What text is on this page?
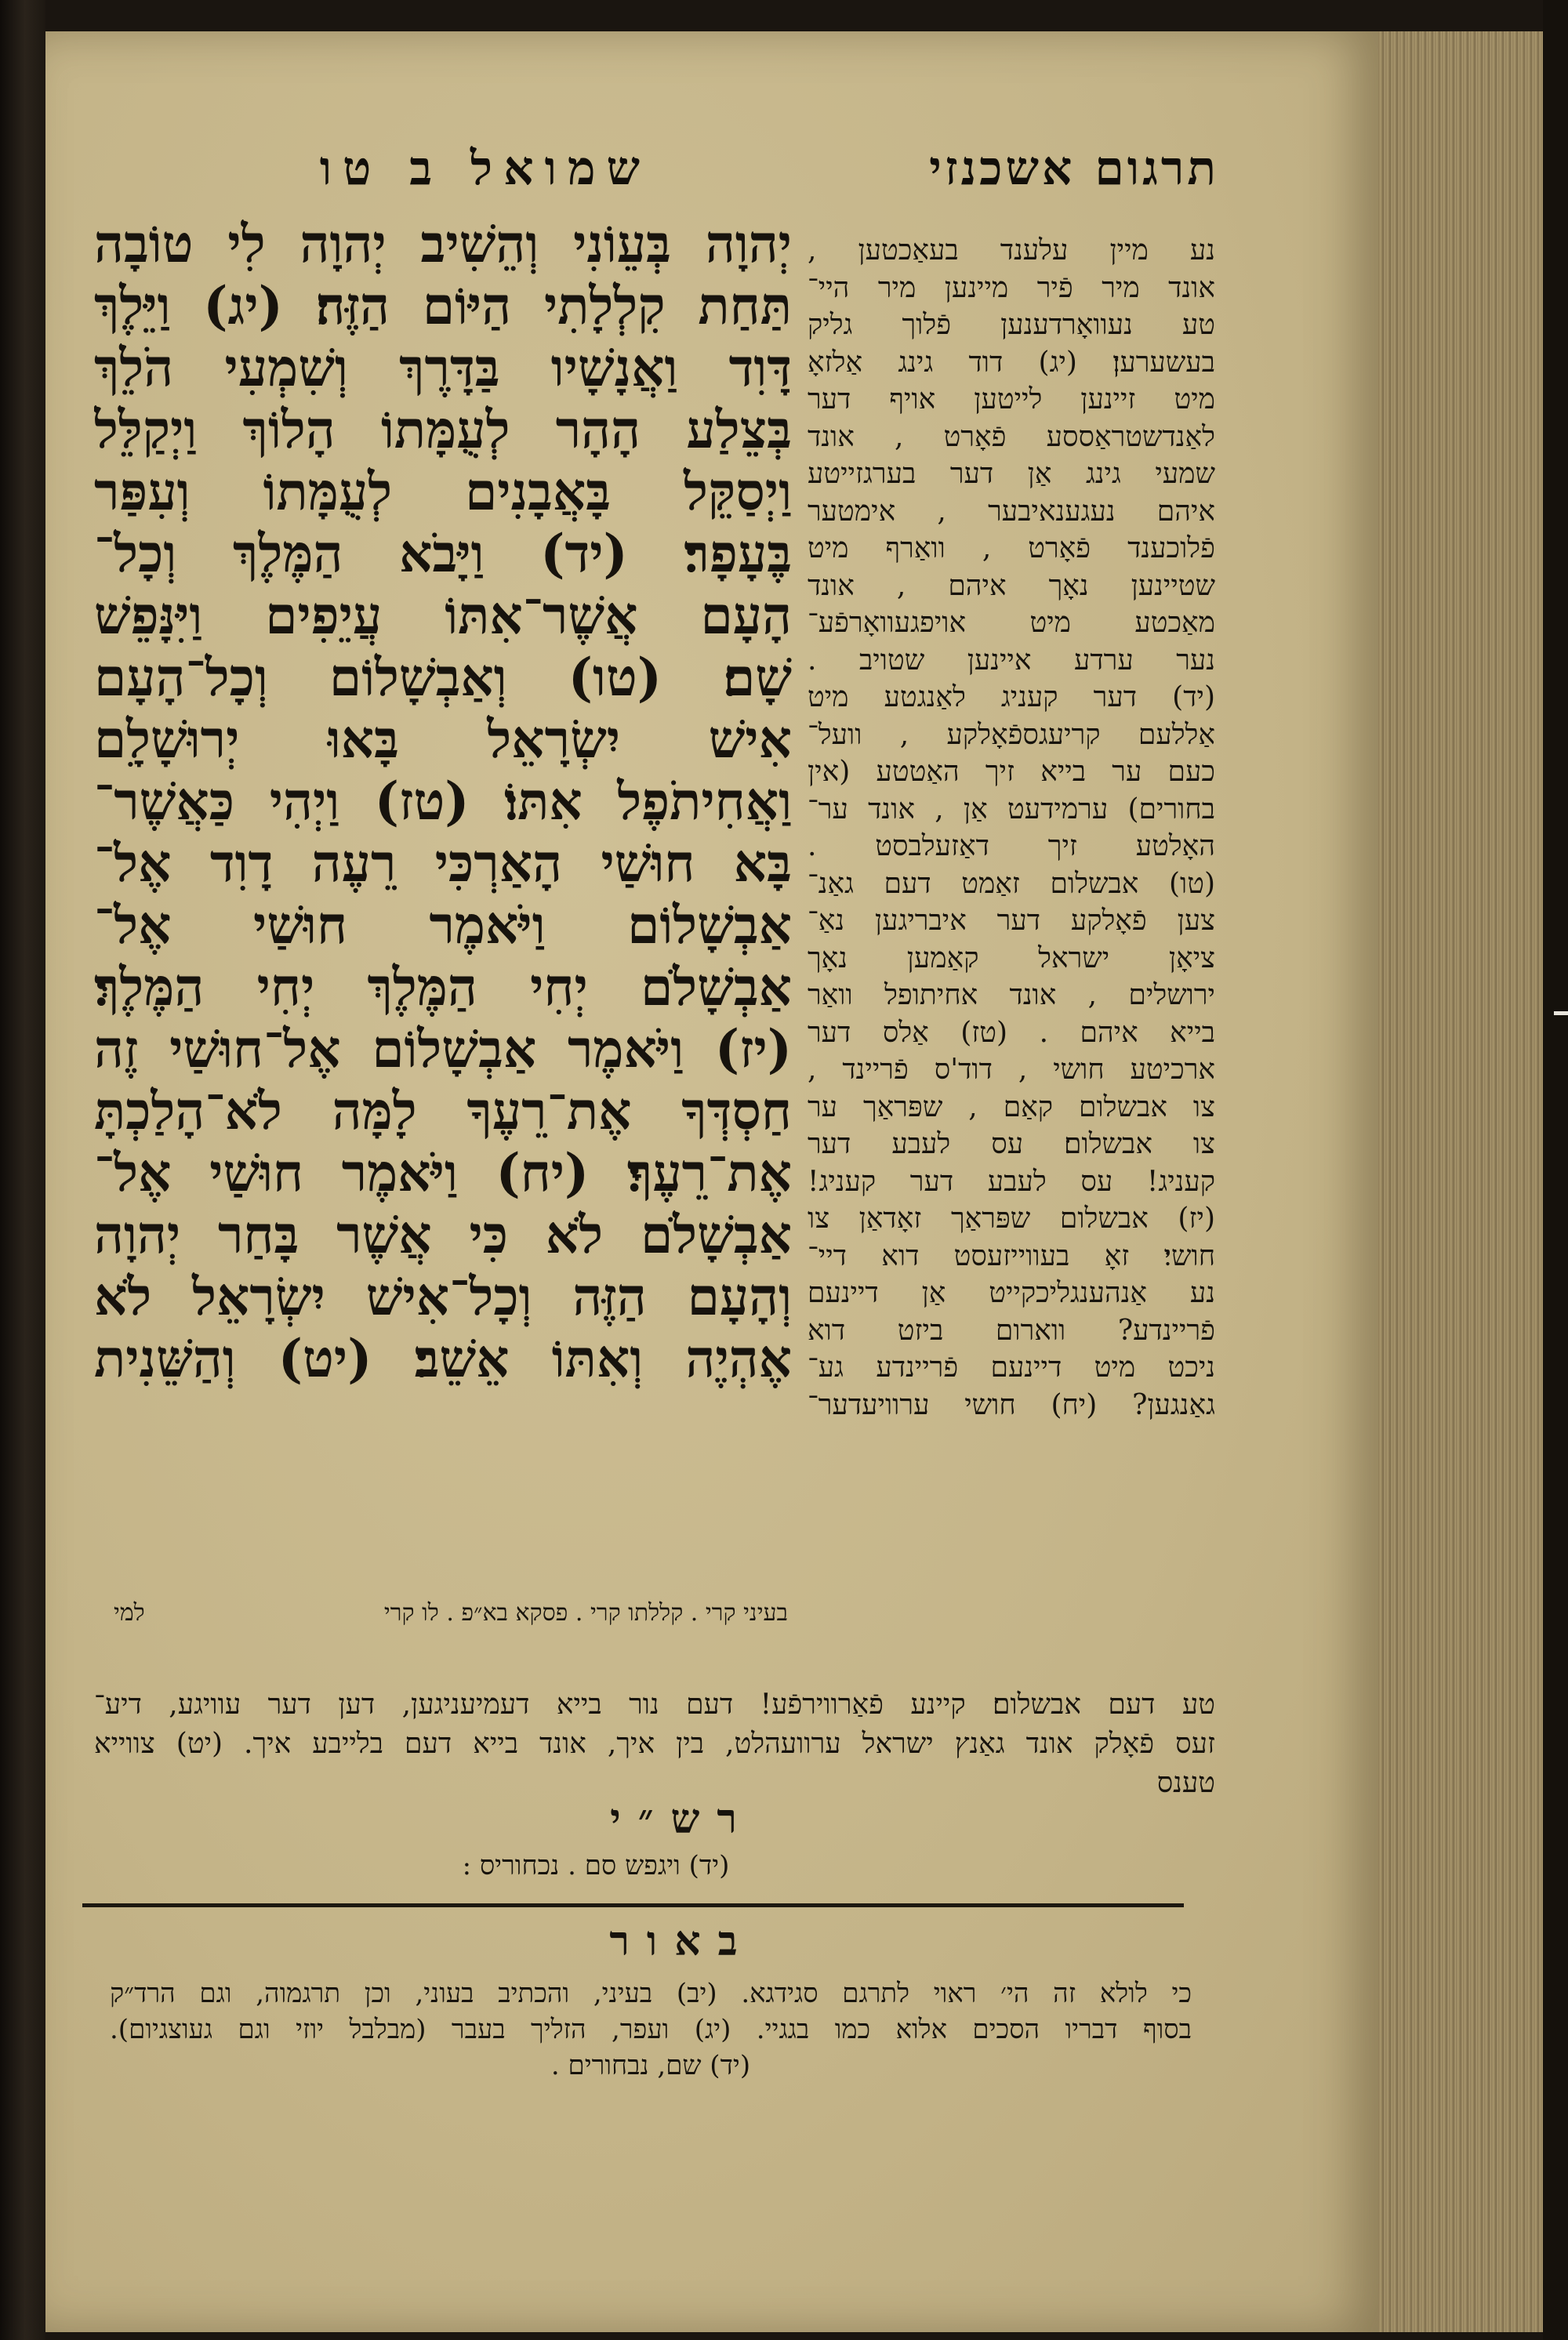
שמואל ב טו	תרגום אשכנזי
יְהוָה בְּעֵוֹנִי וְהֵשִׁיב יְהוָה לִי טוֹבָה
תַּחַת קִלְלָתִי הַיּוֹם הַזֶּה׃ (יג) וַיֵּלֶךְ
דָּוִד וַאֲנָשָׁיו בַּדָּרֶךְ וְשִׁמְעִי הֹלֵךְ
בְּצֵלַע הָהָר לְעֻמָּתוֹ הָלוֹךְ וַיְקַלֵּל
וַיְסַקֵּל בָּאֲבָנִים לְעֻמָּתוֹ וְעִפַּר
בֶּעָפָר׃ (יד) וַיָּבֹא הַמֶּלֶךְ וְכָל־
הָעָם אֲשֶׁר־אִתּוֹ עֲיֵפִים וַיִּנָּפֵשׁ
שָׁם׃ (טו) וְאַבְשָׁלוֹם וְכָל־הָעָם
אִישׁ יִשְׂרָאֵל בָּאוּ יְרוּשָׁלִָם
וַאֲחִיתֹפֶל אִתּוֹ׃ (טז) וַיְהִי כַּאֲשֶׁר־
בָּא חוּשַׁי הָאַרְכִּי רֵעֶה דָוִד אֶל־
אַבְשָׁלוֹם וַיֹּאמֶר חוּשַׁי אֶל־
אַבְשָׁלֹם יְחִי הַמֶּלֶךְ יְחִי הַמֶּלֶךְ׃
(יז) וַיֹּאמֶר אַבְשָׁלוֹם אֶל־חוּשַׁי זֶה
חַסְדְּךָ אֶת־רֵעֶךָ לָמָּה לֹא־הָלַכְתָּ
אֶת־רֵעֶךָ׃ (יח) וַיֹּאמֶר חוּשַׁי אֶל־
אַבְשָׁלֹם לֹא כִּי אֲשֶׁר בָּחַר יְהוָה
וְהָעָם הַזֶּה וְכָל־אִישׁ יִשְׂרָאֵל לֹא
אֶהְיֶה וְאִתּוֹ אֵשֵׁב׃ (יט) וְהַשֵּׁנִית
נע מיין עלענד בעאַכטען ,
אונד מיר פֿיר מיינען מיר היי־
טע נעוואָרדענען פֿלוך גליק
בעשערען׃ (יג) דוד גינג אַלזאָ
מיט זיינען לייטען אויף דער
לאַנדשטראַססע פֿאָרט , אונד
שמעי גינג אַן דער בערגזייטע
איהם נעגענאיבער , אימטער
פֿלוכענד פֿאָרט , וואַרף מיט
שטיינען נאָך איהם , אונד
מאַכטע מיט אויפגעוואָרפֿע־
נער ערדע איינען שטויב .
(יד) דער קעניג לאַנגטע מיט
אַללעם קריעגספֿאָלקע , וועל־
כעם ער בייא זיך האַטטע (אין
בחורים) ערמידעט אַן , אונד ער־
האָלטע זיך דאַזעלבסט .
(טו) אבשלום זאַמט דעם גאַנ־
צען פֿאָלקע דער איבריגען נאַ־
ציאָן ישראל קאַמען נאָך
ירושלים , אונד אחיתופל וואַר
בייא איהם . (טז) אַלס דער
ארכיטע חושי , דוד'ס פֿריינד ,
צו אבשלום קאַם , שפּראַך ער
צו אבשלום׃ עס לעבע דער
קעניג! עס לעבע דער קעניג!
(יז) אבשלום שפּראַך זאָדאַן צו
חושי׃ זאָ בעווייזעסט דוא דיי־
נע אַנהענגליכקייט אַן דיינעם
פֿריינדע? ווארום ביזט דוא
ניכט מיט דיינעם פֿריינדע גע־
גאַנגען? (יח) חושי ערוויעדער־
בעיני קרי . קללתו קרי . פסקא בא״פ . לו קרי
למי
טע דעם אבשלום׃ קיינע פֿאַרווירפֿע! דעם נור בייא דעמיעניגען, דען דער עוויגע, דיע־
זעס פֿאָלק אונד גאַנץ ישראל ערוועהלט, בין איך, אונד בייא דעם בלייבע איך. (יט) צווייא
טענס
רש״י
(יד) ויגפש סם . נכחוריס :
באור
כי לולא זה הי׳ ראוי לתרגם סגידגא. (יב) בעיני, והכתיב בעוני, וכן תרגמוה, וגם הרד״ק
בסוף דבריו הסכים אלוא כמו בגגיי. (יג) ועפר, הזליך בעבר (מבלבל יוזי וגם געוצגיום).
(יד) שם, נבחורים .
